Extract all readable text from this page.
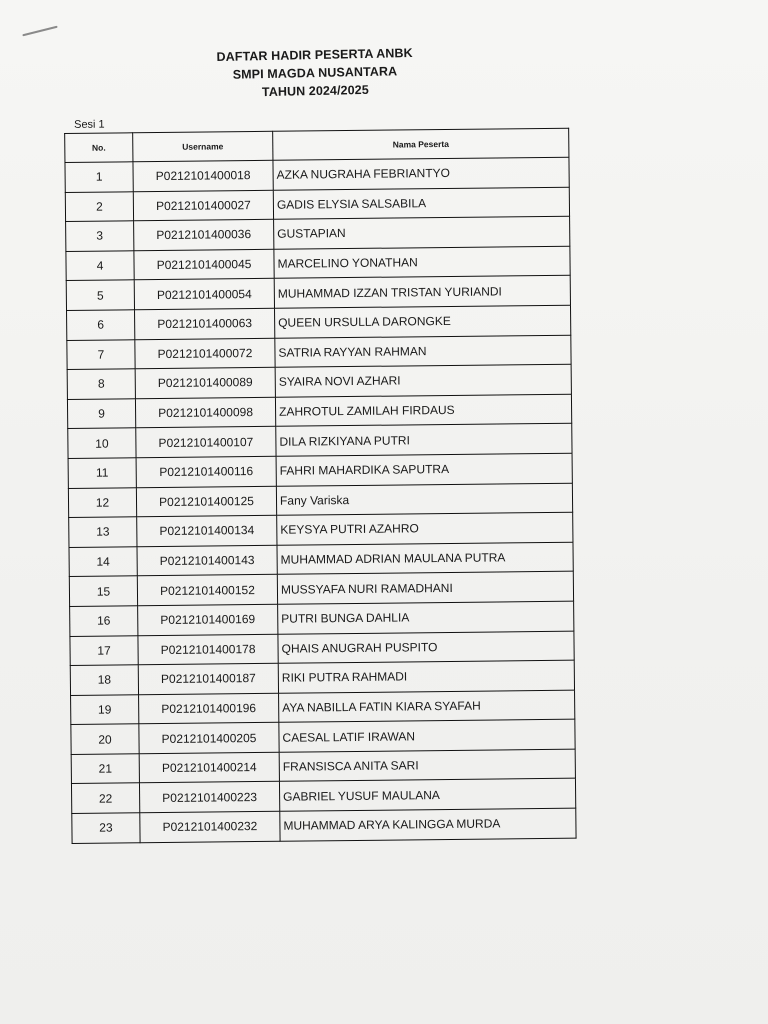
DAFTAR HADIR PESERTA ANBK
SMPI MAGDA NUSANTARA
TAHUN 2024/2025
Sesi 1
No.	Username	Nama Peserta
1	P0212101400018	AZKA NUGRAHA FEBRIANTYO
2	P0212101400027	GADIS ELYSIA SALSABILA
3	P0212101400036	GUSTAPIAN
4	P0212101400045	MARCELINO YONATHAN
5	P0212101400054	MUHAMMAD IZZAN TRISTAN YURIANDI
6	P0212101400063	QUEEN URSULLA DARONGKE
7	P0212101400072	SATRIA RAYYAN RAHMAN
8	P0212101400089	SYAIRA NOVI AZHARI
9	P0212101400098	ZAHROTUL ZAMILAH FIRDAUS
10	P0212101400107	DILA RIZKIYANA PUTRI
11	P0212101400116	FAHRI MAHARDIKA SAPUTRA
12	P0212101400125	Fany Variska
13	P0212101400134	KEYSYA PUTRI AZAHRO
14	P0212101400143	MUHAMMAD ADRIAN MAULANA PUTRA
15	P0212101400152	MUSSYAFA NURI RAMADHANI
16	P0212101400169	PUTRI BUNGA DAHLIA
17	P0212101400178	QHAIS ANUGRAH PUSPITO
18	P0212101400187	RIKI PUTRA RAHMADI
19	P0212101400196	AYA NABILLA FATIN KIARA SYAFAH
20	P0212101400205	CAESAL LATIF IRAWAN
21	P0212101400214	FRANSISCA ANITA SARI
22	P0212101400223	GABRIEL YUSUF MAULANA
23	P0212101400232	MUHAMMAD ARYA KALINGGA MURDA
